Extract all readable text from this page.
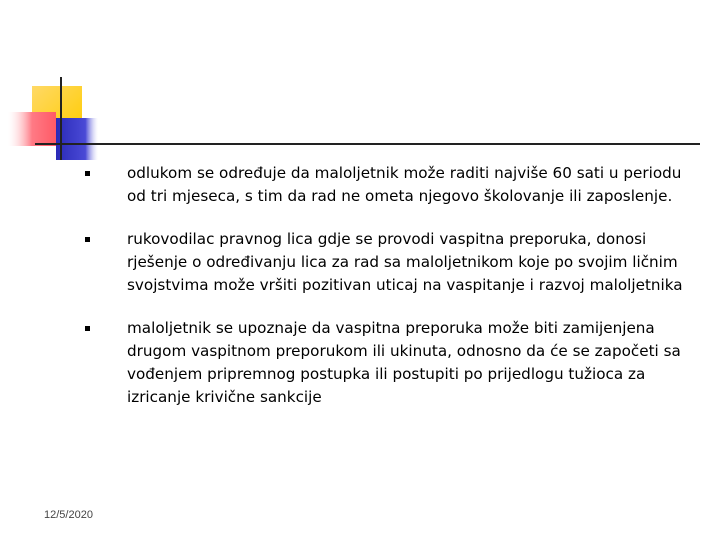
odlukom se određuje da maloljetnik može raditi najviše 60 sati u periodu od tri mjeseca, s tim da rad ne ometa njegovo školovanje ili zaposlenje.
rukovodilac pravnog lica gdje se provodi vaspitna preporuka, donosi rješenje o određivanju lica za rad sa maloljetnikom koje po svojim ličnim svojstvima može vršiti pozitivan uticaj na vaspitanje i razvoj maloljetnika
maloljetnik se upoznaje da vaspitna preporuka može biti zamijenjena drugom vaspitnom preporukom ili ukinuta, odnosno da će se započeti sa vođenjem pripremnog postupka ili postupiti po prijedlogu tužioca za izricanje krivične sankcije
12/5/2020
